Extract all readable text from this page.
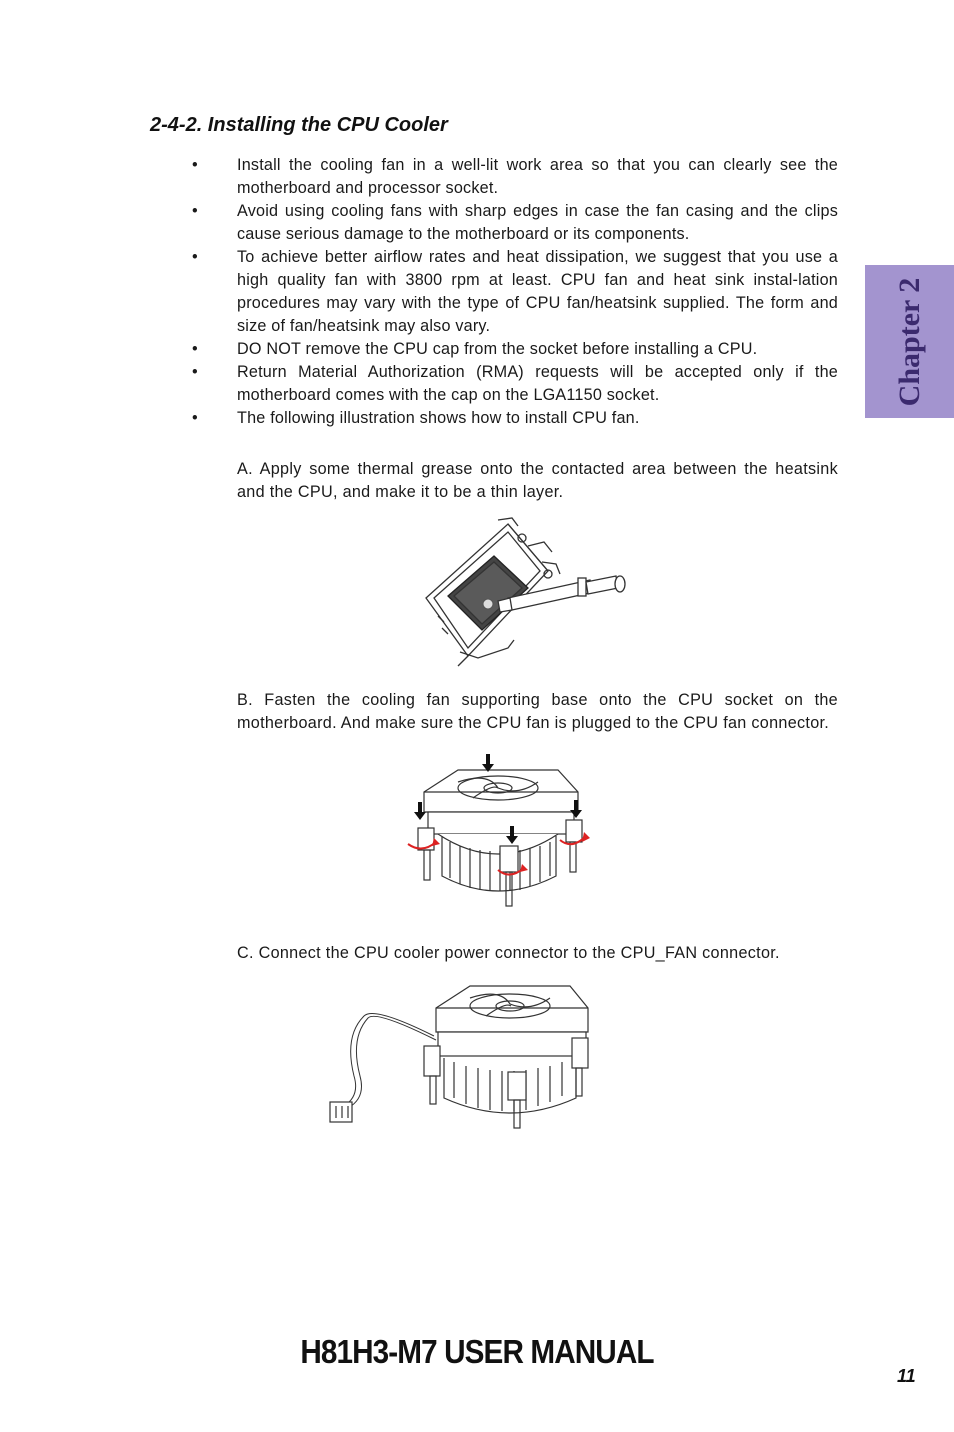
2-4-2. Installing the CPU Cooler
• Install the cooling fan in a well-lit work area so that you can clearly see the motherboard and processor socket.
• Avoid using cooling fans with sharp edges in case the fan casing and the clips cause serious damage to the motherboard or its components.
• To achieve better airflow rates and heat dissipation, we suggest that you use a high quality fan with 3800 rpm at least. CPU fan and heat sink instal-lation procedures may vary with the type of CPU fan/heatsink supplied. The form and size of fan/heatsink may also vary.
• DO NOT remove the CPU cap from the socket before installing a CPU.
• Return Material Authorization (RMA) requests will be accepted only if the motherboard comes with the cap on the LGA1150 socket.
• The following illustration shows how to install CPU fan.

A. Apply some thermal grease onto the contacted area between the heatsink and the CPU, and make it to be a thin layer.

B. Fasten the cooling fan supporting base onto the CPU socket on the motherboard. And make sure the CPU fan is plugged to the CPU fan connector.

C. Connect the CPU cooler power connector to the CPU_FAN connector.

Chapter 2
H81H3-M7 USER MANUAL
11
